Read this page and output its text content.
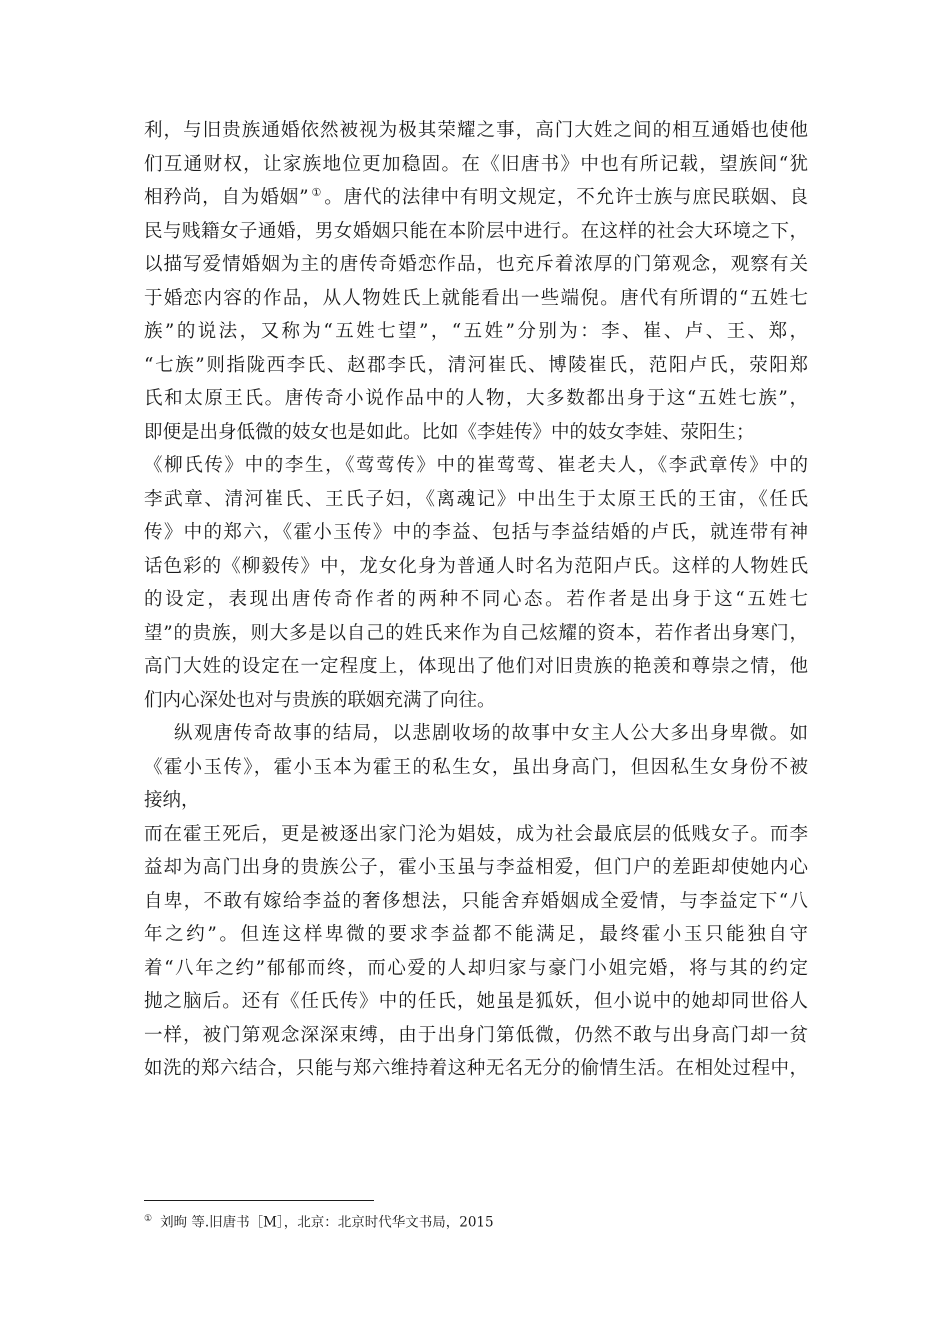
利，与旧贵族通婚依然被视为极其荣耀之事，高门大姓之间的相互通婚也使他
们互通财权，让家族地位更加稳固。在《旧唐书》中也有所记载，望族间“犹
相矜尚，自为婚姻” ① 。唐代的法律中有明文规定，不允许士族与庶民联姻、良
民与贱籍女子通婚，男女婚姻只能在本阶层中进行。在这样的社会大环境之下，
以描写爱情婚姻为主的唐传奇婚恋作品，也充斥着浓厚的门第观念，观察有关
于婚恋内容的作品，从人物姓氏上就能看出一些端倪。唐代有所谓的“五姓七
族”的说法，又称为“五姓七望”，“五姓”分别为：李、崔、卢、王、郑，
“七族”则指陇西李氏、赵郡李氏，清河崔氏、博陵崔氏，范阳卢氏，荥阳郑
氏和太原王氏。唐传奇小说作品中的人物，大多数都出身于这“五姓七族”，
即便是出身低微的妓女也是如此。比如《李娃传》中的妓女李娃、荥阳生；
《柳氏传》中的李生，《莺莺传》中的崔莺莺、崔老夫人，《李武章传》中的
李武章、清河崔氏、王氏子妇，《离魂记》中出生于太原王氏的王宙，《任氏
传》中的郑六，《霍小玉传》中的李益、包括与李益结婚的卢氏，就连带有神
话色彩的《柳毅传》中，龙女化身为普通人时名为范阳卢氏。这样的人物姓氏
的设定，表现出唐传奇作者的两种不同心态。若作者是出身于这“五姓七
望”的贵族，则大多是以自己的姓氏来作为自己炫耀的资本，若作者出身寒门，
高门大姓的设定在一定程度上，体现出了他们对旧贵族的艳羡和尊崇之情，他
们内心深处也对与贵族的联姻充满了向往。
纵观唐传奇故事的结局，以悲剧收场的故事中女主人公大多出身卑微。如
《霍小玉传》，霍小玉本为霍王的私生女，虽出身高门，但因私生女身份不被
接纳，
而在霍王死后，更是被逐出家门沦为娼妓，成为社会最底层的低贱女子。而李
益却为高门出身的贵族公子，霍小玉虽与李益相爱，但门户的差距却使她内心
自卑，不敢有嫁给李益的奢侈想法，只能舍弃婚姻成全爱情，与李益定下“八
年之约”。但连这样卑微的要求李益都不能满足，最终霍小玉只能独自守
着“八年之约”郁郁而终，而心爱的人却归家与豪门小姐完婚，将与其的约定
抛之脑后。还有《任氏传》中的任氏，她虽是狐妖，但小说中的她却同世俗人
一样，被门第观念深深束缚，由于出身门第低微，仍然不敢与出身高门却一贫
如洗的郑六结合，只能与郑六维持着这种无名无分的偷情生活。在相处过程中，
① 刘昫 等.旧唐书［M］，北京：北京时代华文书局，2015
